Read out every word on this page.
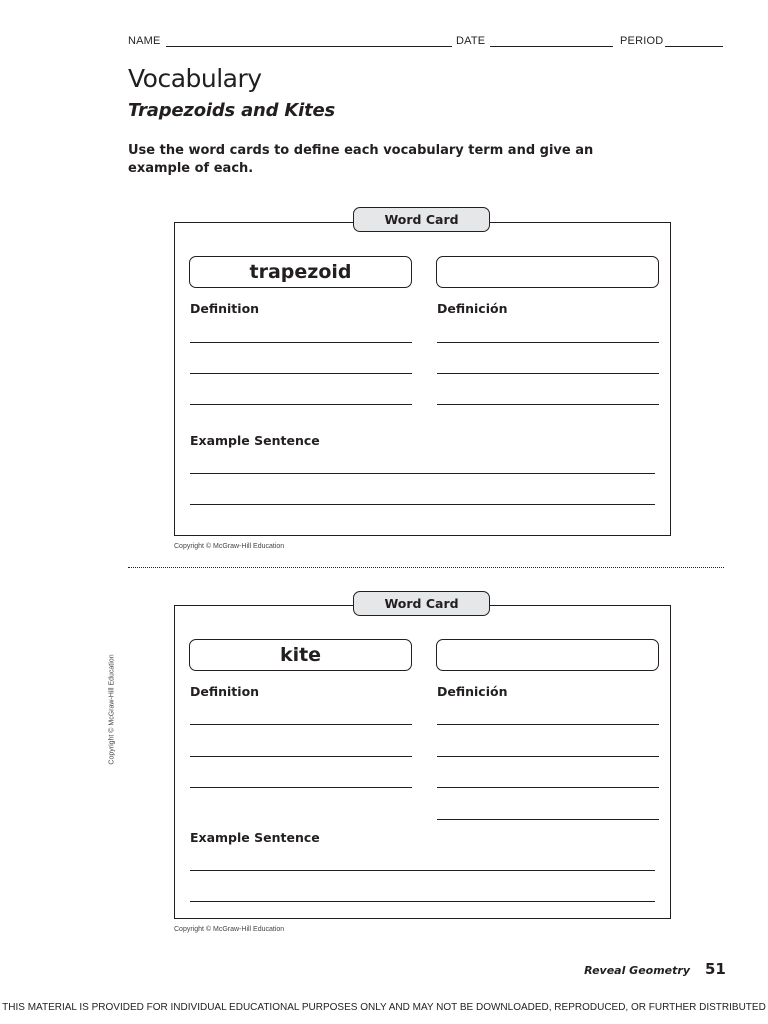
NAME	DATE	PERIOD
Vocabulary
Trapezoids and Kites

Use the word cards to define each vocabulary term and give an example of each.

Word Card
trapezoid
Definition	Definición
Example Sentence
Copyright © McGraw-Hill Education
Word Card
kite
Definition	Definición
Example Sentence
Copyright © McGraw-Hill Education
Copyright © McGraw-Hill Education
Reveal Geometry 51
THIS MATERIAL IS PROVIDED FOR INDIVIDUAL EDUCATIONAL PURPOSES ONLY AND MAY NOT BE DOWNLOADED, REPRODUCED, OR FURTHER DISTRIBUTED
